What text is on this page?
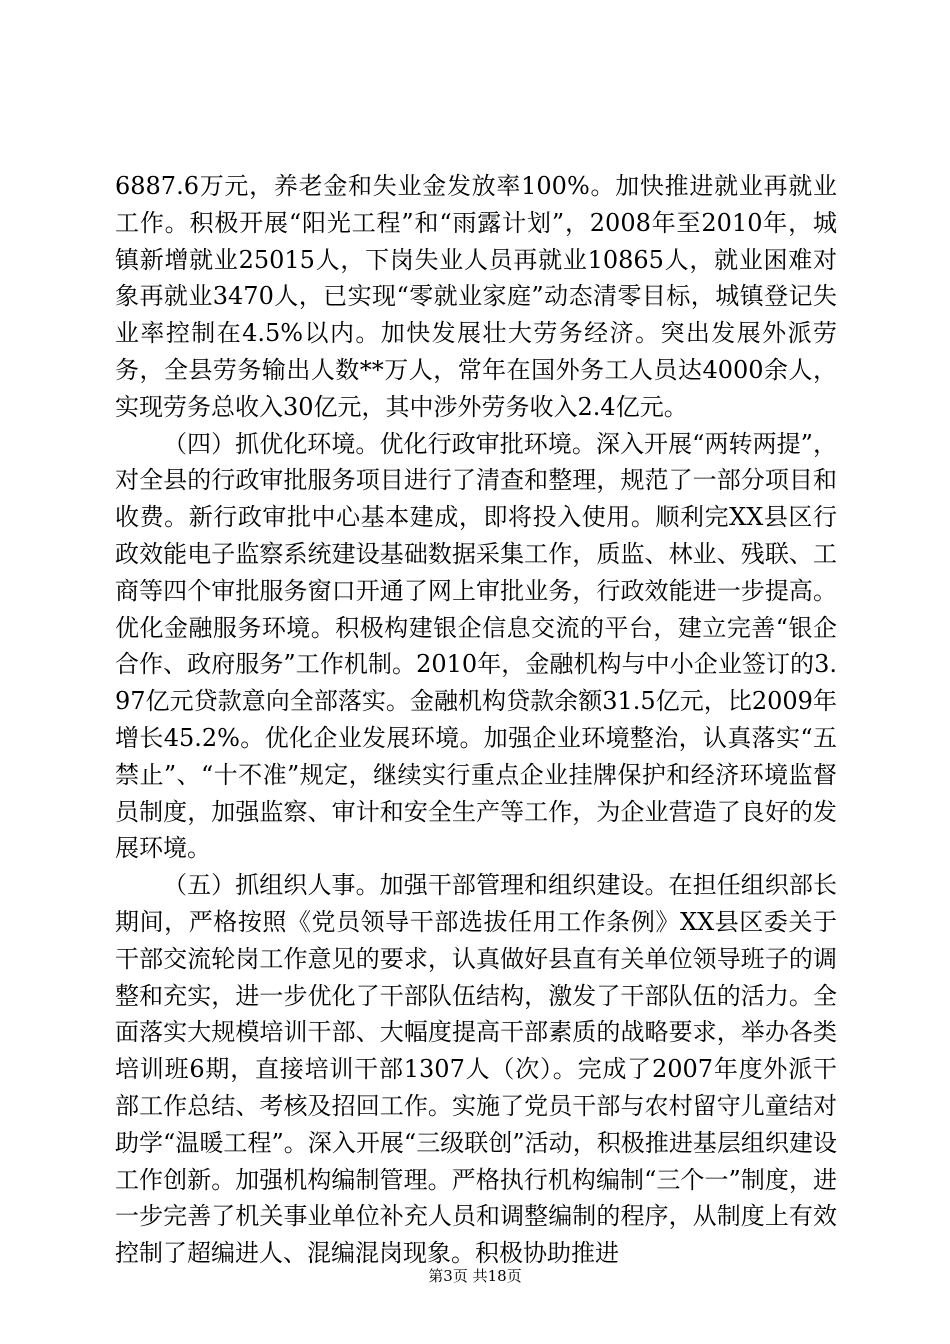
6887.6万元，养老金和失业金发放率100%。加快推进就业再就业工作。积极开展“阳光工程”和“雨露计划”，2008年至2010年，城镇新增就业25015人，下岗失业人员再就业10865人，就业困难对象再就业3470人，已实现“零就业家庭”动态清零目标，城镇登记失业率控制在4.5%以内。加快发展壮大劳务经济。突出发展外派劳务，全县劳务输出人数**万人，常年在国外务工人员达4000余人，实现劳务总收入30亿元，其中涉外劳务收入2.4亿元。

（四）抓优化环境。优化行政审批环境。深入开展“两转两提”，对全县的行政审批服务项目进行了清查和整理，规范了一部分项目和收费。新行政审批中心基本建成，即将投入使用。顺利完XX县区行政效能电子监察系统建设基础数据采集工作，质监、林业、残联、工商等四个审批服务窗口开通了网上审批业务，行政效能进一步提高。优化金融服务环境。积极构建银企信息交流的平台，建立完善“银企合作、政府服务”工作机制。2010年，金融机构与中小企业签订的3.97亿元贷款意向全部落实。金融机构贷款余额31.5亿元，比2009年增长45.2%。优化企业发展环境。加强企业环境整治，认真落实“五禁止”、“十不准”规定，继续实行重点企业挂牌保护和经济环境监督员制度，加强监察、审计和安全生产等工作，为企业营造了良好的发展环境。

（五）抓组织人事。加强干部管理和组织建设。在担任组织部长期间，严格按照《党员领导干部选拔任用工作条例》XX县区委关于干部交流轮岗工作意见的要求，认真做好县直有关单位领导班子的调整和充实，进一步优化了干部队伍结构，激发了干部队伍的活力。全面落实大规模培训干部、大幅度提高干部素质的战略要求，举办各类培训班6期，直接培训干部1307人（次）。完成了2007年度外派干部工作总结、考核及招回工作。实施了党员干部与农村留守儿童结对助学“温暖工程”。深入开展“三级联创”活动，积极推进基层组织建设工作创新。加强机构编制管理。严格执行机构编制“三个一”制度，进一步完善了机关事业单位补充人员和调整编制的程序，从制度上有效控制了超编进人、混编混岗现象。积极协助推进

第3页 共18页
